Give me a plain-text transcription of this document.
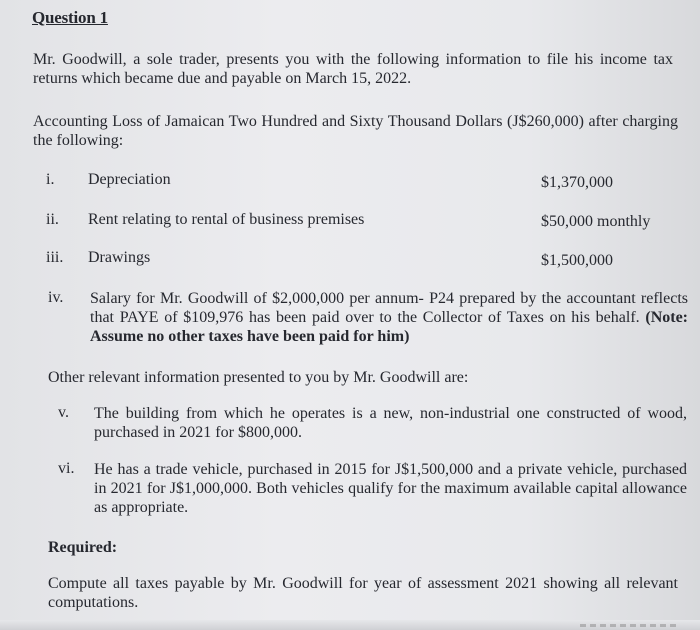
Question 1
Mr. Goodwill, a sole trader, presents you with the following information to file his income tax returns which became due and payable on March 15, 2022.
Accounting Loss of Jamaican Two Hundred and Sixty Thousand Dollars (J$260,000) after charging the following:
i. Depreciation	$1,370,000
ii. Rent relating to rental of business premises	$50,000 monthly
iii. Drawings	$1,500,000
iv. Salary for Mr. Goodwill of $2,000,000 per annum- P24 prepared by the accountant reflects that PAYE of $109,976 has been paid over to the Collector of Taxes on his behalf. (Note: Assume no other taxes have been paid for him)
Other relevant information presented to you by Mr. Goodwill are:
v. The building from which he operates is a new, non-industrial one constructed of wood, purchased in 2021 for $800,000.
vi. He has a trade vehicle, purchased in 2015 for J$1,500,000 and a private vehicle, purchased in 2021 for J$1,000,000. Both vehicles qualify for the maximum available capital allowance as appropriate.
Required:
Compute all taxes payable by Mr. Goodwill for year of assessment 2021 showing all relevant computations.
